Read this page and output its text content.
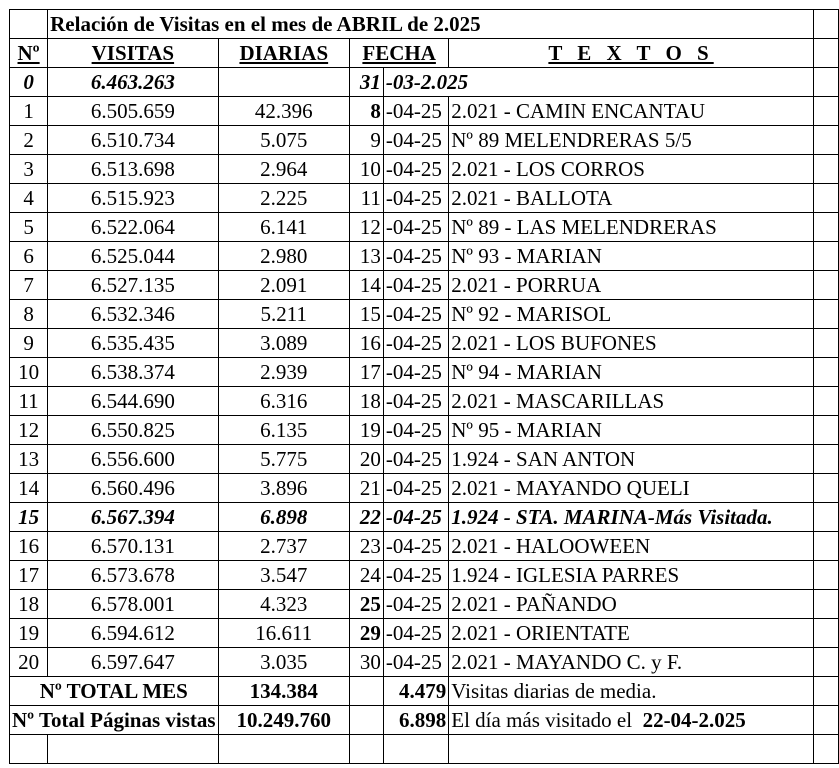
	Relación de Visitas en el mes de ABRIL de 2.025					
Nº	VISITAS	DIARIAS	FECHA		T E X T O S	
0	6.463.263		31	-03-2.025		
1	6.505.659	42.396	8	-04-25	2.021 - CAMIN ENCANTAU	
2	6.510.734	5.075	9	-04-25	Nº 89 MELENDRERAS 5/5	
3	6.513.698	2.964	10	-04-25	2.021 - LOS CORROS	
4	6.515.923	2.225	11	-04-25	2.021 - BALLOTA	
5	6.522.064	6.141	12	-04-25	Nº 89 - LAS MELENDRERAS	
6	6.525.044	2.980	13	-04-25	Nº 93 - MARIAN	
7	6.527.135	2.091	14	-04-25	2.021 - PORRUA	
8	6.532.346	5.211	15	-04-25	Nº 92 - MARISOL	
9	6.535.435	3.089	16	-04-25	2.021 - LOS BUFONES	
10	6.538.374	2.939	17	-04-25	Nº 94 - MARIAN	
11	6.544.690	6.316	18	-04-25	2.021 - MASCARILLAS	
12	6.550.825	6.135	19	-04-25	Nº 95 - MARIAN	
13	6.556.600	5.775	20	-04-25	1.924 - SAN ANTON	
14	6.560.496	3.896	21	-04-25	2.021 - MAYANDO QUELI	
15	6.567.394	6.898	22	-04-25	1.924 - STA. MARINA-Más Visitada.	
16	6.570.131	2.737	23	-04-25	2.021 - HALOOWEEN	
17	6.573.678	3.547	24	-04-25	1.924 - IGLESIA PARRES	
18	6.578.001	4.323	25	-04-25	2.021 - PAÑANDO	
19	6.594.612	16.611	29	-04-25	2.021 - ORIENTATE	
20	6.597.647	3.035	30	-04-25	2.021 - MAYANDO C. y F.	
Nº TOTAL MES		134.384		4.479	Visitas diarias de media.	
Nº Total Páginas vistas		10.249.760		6.898	El día más visitado el 22-04-2.025	
